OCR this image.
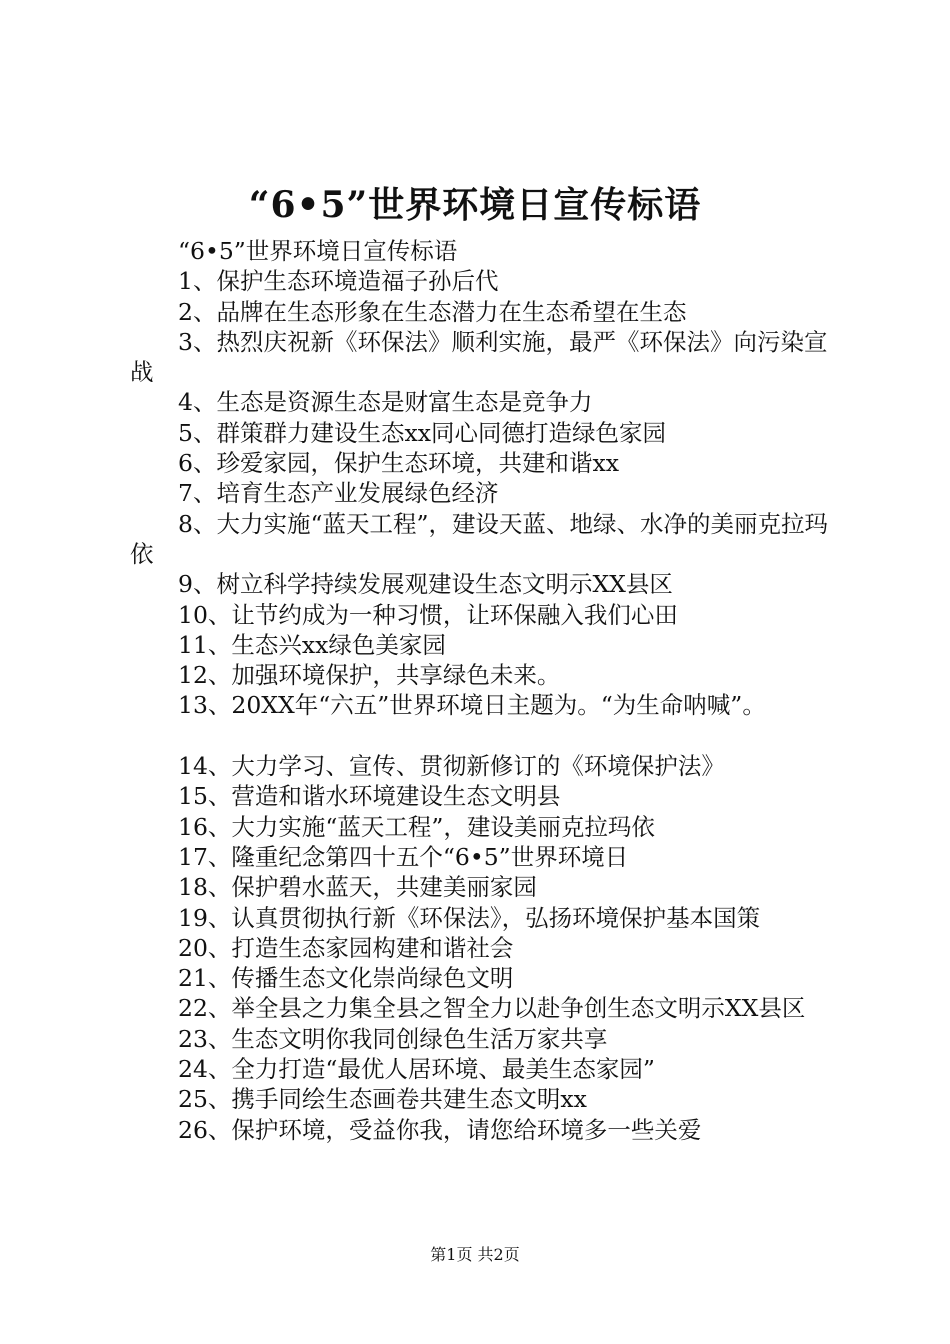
“6•5”世界环境日宣传标语

“6•5”世界环境日宣传标语

1、保护生态环境造福子孙后代

2、品牌在生态形象在生态潜力在生态希望在生态

3、热烈庆祝新《环保法》顺利实施，最严《环保法》向污染宣战

4、生态是资源生态是财富生态是竞争力

5、群策群力建设生态xx同心同德打造绿色家园

6、珍爱家园，保护生态环境，共建和谐xx

7、培育生态产业发展绿色经济

8、大力实施“蓝天工程”，建设天蓝、地绿、水净的美丽克拉玛依

9、树立科学持续发展观建设生态文明示XX县区

10、让节约成为一种习惯，让环保融入我们心田

11、生态兴xx绿色美家园

12、加强环境保护，共享绿色未来。

13、20XX年“六五”世界环境日主题为。“为生命呐喊”。

14、大力学习、宣传、贯彻新修订的《环境保护法》

15、营造和谐水环境建设生态文明县

16、大力实施“蓝天工程”，建设美丽克拉玛依

17、隆重纪念第四十五个“6•5”世界环境日

18、保护碧水蓝天，共建美丽家园

19、认真贯彻执行新《环保法》，弘扬环境保护基本国策

20、打造生态家园构建和谐社会

21、传播生态文化崇尚绿色文明

22、举全县之力集全县之智全力以赴争创生态文明示XX县区

23、生态文明你我同创绿色生活万家共享

24、全力打造“最优人居环境、最美生态家园”

25、携手同绘生态画卷共建生态文明xx

26、保护环境，受益你我，请您给环境多一些关爱

第1页 共2页
